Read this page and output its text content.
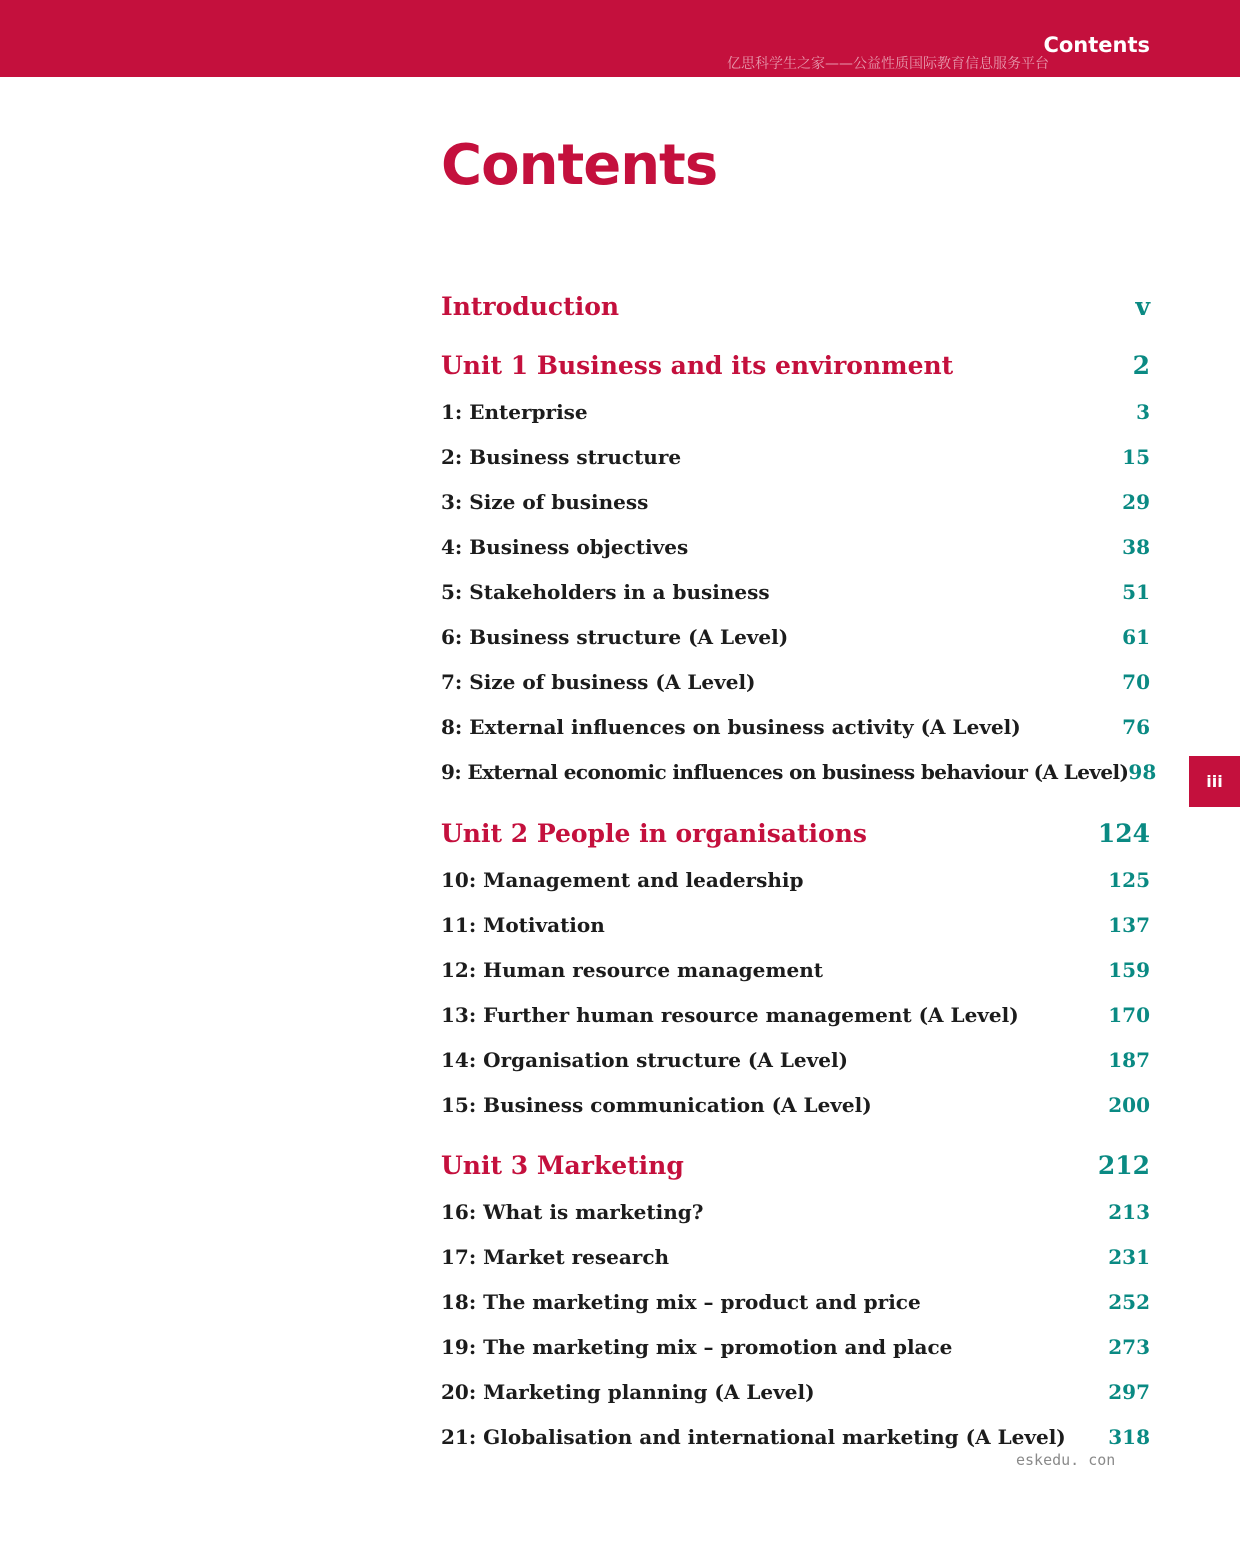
Contents
亿思科学生之家——公益性质国际教育信息服务平台
Contents
Introduction	v
Unit 1 Business and its environment	2
1: Enterprise	3
2: Business structure	15
3: Size of business	29
4: Business objectives	38
5: Stakeholders in a business	51
6: Business structure (A Level)	61
7: Size of business (A Level)	70
8: External influences on business activity (A Level)	76
9: External economic influences on business behaviour (A Level) 98
Unit 2 People in organisations	124
10: Management and leadership	125
11: Motivation	137
12: Human resource management	159
13: Further human resource management (A Level)	170
14: Organisation structure (A Level)	187
15: Business communication (A Level)	200
Unit 3 Marketing	212
16: What is marketing?	213
17: Market research	231
18: The marketing mix – product and price	252
19: The marketing mix – promotion and place	273
20: Marketing planning (A Level)	297
21: Globalisation and international marketing (A Level) 318
iii
eskedu. con
